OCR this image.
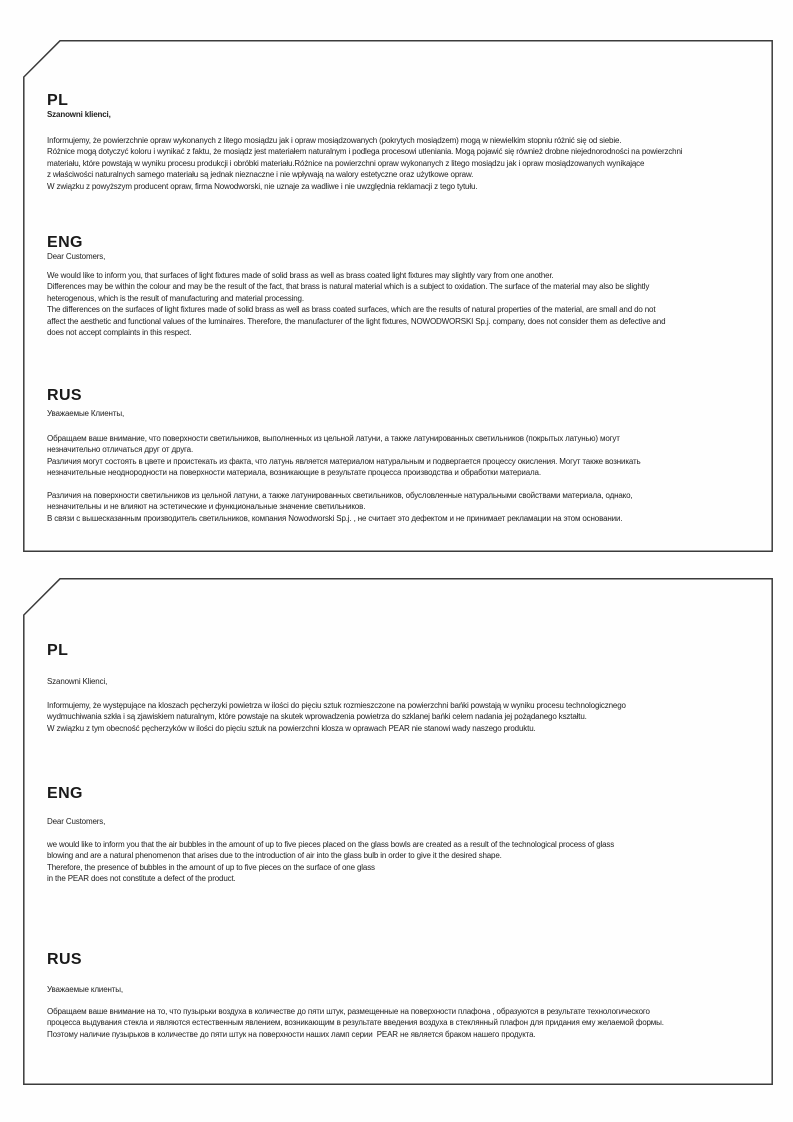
PL

Szanowni klienci,

Informujemy, że powierzchnie opraw wykonanych z litego mosiądzu jak i opraw mosiądzowanych (pokrytych mosiądzem) mogą w niewielkim stopniu różnić się od siebie.
Różnice mogą dotyczyć koloru i wynikać z faktu, że mosiądz jest materiałem naturalnym i podlega procesowi utleniania. Mogą pojawić się również drobne niejednorodności na powierzchni
materiału, które powstają w wyniku procesu produkcji i obróbki materiału.Różnice na powierzchni opraw wykonanych z litego mosiądzu jak i opraw mosiądzowanych wynikające
z właściwości naturalnych samego materiału są jednak nieznaczne i nie wpływają na walory estetyczne oraz użytkowe opraw.
W związku z powyższym producent opraw, firma Nowodworski, nie uznaje za wadliwe i nie uwzględnia reklamacji z tego tytułu.
ENG

Dear Customers,

We would like to inform you, that surfaces of light fixtures made of solid brass as well as brass coated light fixtures may slightly vary from one another.
Differences may be within the colour and may be the result of the fact, that brass is natural material which is a subject to oxidation. The surface of the material may also be slightly
heterogenous, which is the result of manufacturing and material processing.
The differences on the surfaces of light fixtures made of solid brass as well as brass coated surfaces, which are the results of natural properties of the material, are small and do not
affect the aesthetic and functional values of the luminaires. Therefore, the manufacturer of the light fixtures, NOWODWORSKI Sp.j. company, does not consider them as defective and
does not accept complaints in this respect.
RUS

Уважаемые Клиенты,

Обращаем ваше внимание, что поверхности светильников, выполненных из цельной латуни, а также латунированных светильников (покрытых латунью) могут
незначительно отличаться друг от друга.
Различия могут состоять в цвете и проистекать из факта, что латунь является материалом натуральным и подвергается процессу окисления. Могут также возникать
незначительные неоднородности на поверхности материала, возникающие в результате процесса производства и обработки материала.

Различия на поверхности светильников из цельной латуни, а также латунированных светильников, обусловленные натуральными свойствами материала, однако,
незначительны и не влияют на эстетические и функциональные значение светильников.
В связи с вышесказанным производитель светильников, компания Nowodworski Sp.j. , не считает это дефектом и не принимает рекламации на этом основании.
PL

Szanowni Klienci,

Informujemy, że występujące na kloszach pęcherzyki powietrza w ilości do pięciu sztuk rozmieszczone na powierzchni bańki powstają w wyniku procesu technologicznego
wydmuchiwania szkła i są zjawiskiem naturalnym, które powstaje na skutek wprowadzenia powietrza do szklanej bańki celem nadania jej pożądanego kształtu.
W związku z tym obecność pęcherzyków w ilości do pięciu sztuk na powierzchni klosza w oprawach PEAR nie stanowi wady naszego produktu.
ENG

Dear Customers,

we would like to inform you that the air bubbles in the amount of up to five pieces placed on the glass bowls are created as a result of the technological process of glass
blowing and are a natural phenomenon that arises due to the introduction of air into the glass bulb in order to give it the desired shape.
Therefore, the presence of bubbles in the amount of up to five pieces on the surface of one glass
in the PEAR does not constitute a defect of the product.
RUS

Уважаемые клиенты,

Обращаем ваше внимание на то, что пузырьки воздуха в количестве до пяти штук, размещенные на поверхности плафона , образуются в результате технологического
процесса выдувания стекла и являются естественным явлением, возникающим в результате введения воздуха в стеклянный плафон для придания ему желаемой формы.
Поэтому наличие пузырьков в количестве до пяти штук на поверхности наших ламп серии  PEAR не является браком нашего продукта.
